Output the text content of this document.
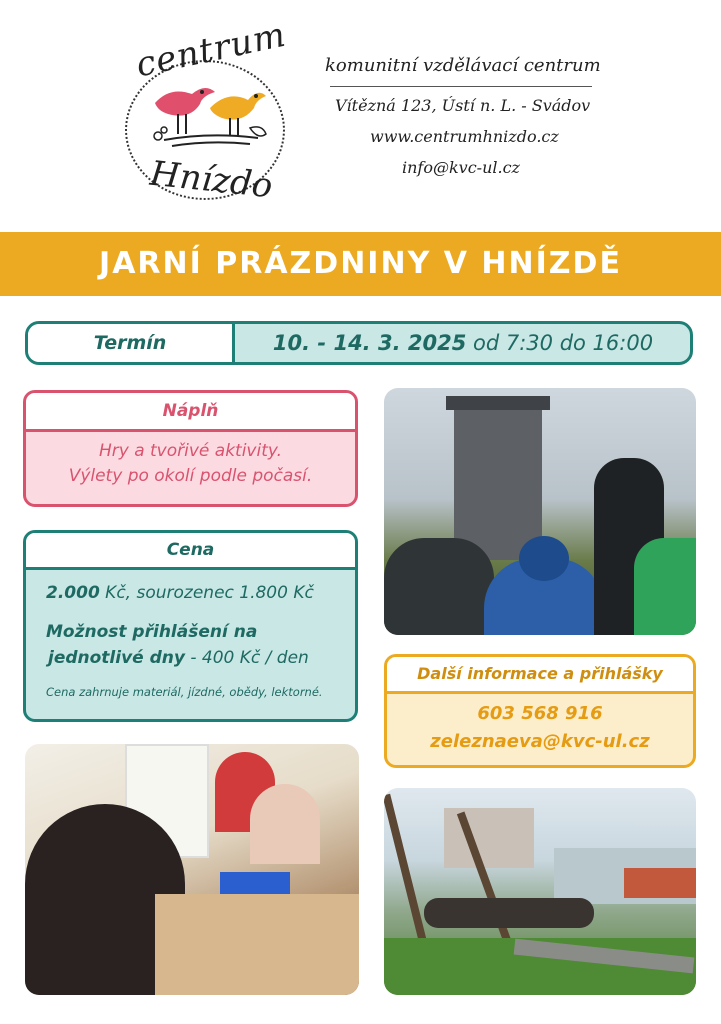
centrum
Hnízdo
komunitní vzdělávací centrum
Vítězná 123, Ústí n. L. - Svádov
www.centrumhnizdo.cz
info@kvc-ul.cz
JARNÍ PRÁZDNINY V HNÍZDĚ
Termín	10. - 14. 3. 2025 od 7:30 do 16:00
Náplň
Hry a tvořivé aktivity.
Výlety po okolí podle počasí.
Cena
2.000 Kč, sourozenec 1.800 Kč
Možnost přihlášení na
jednotlivé dny - 400 Kč / den
Cena zahrnuje materiál, jízdné, obědy, lektorné.
Další informace a přihlášky
603 568 916
zeleznaeva@kvc-ul.cz
